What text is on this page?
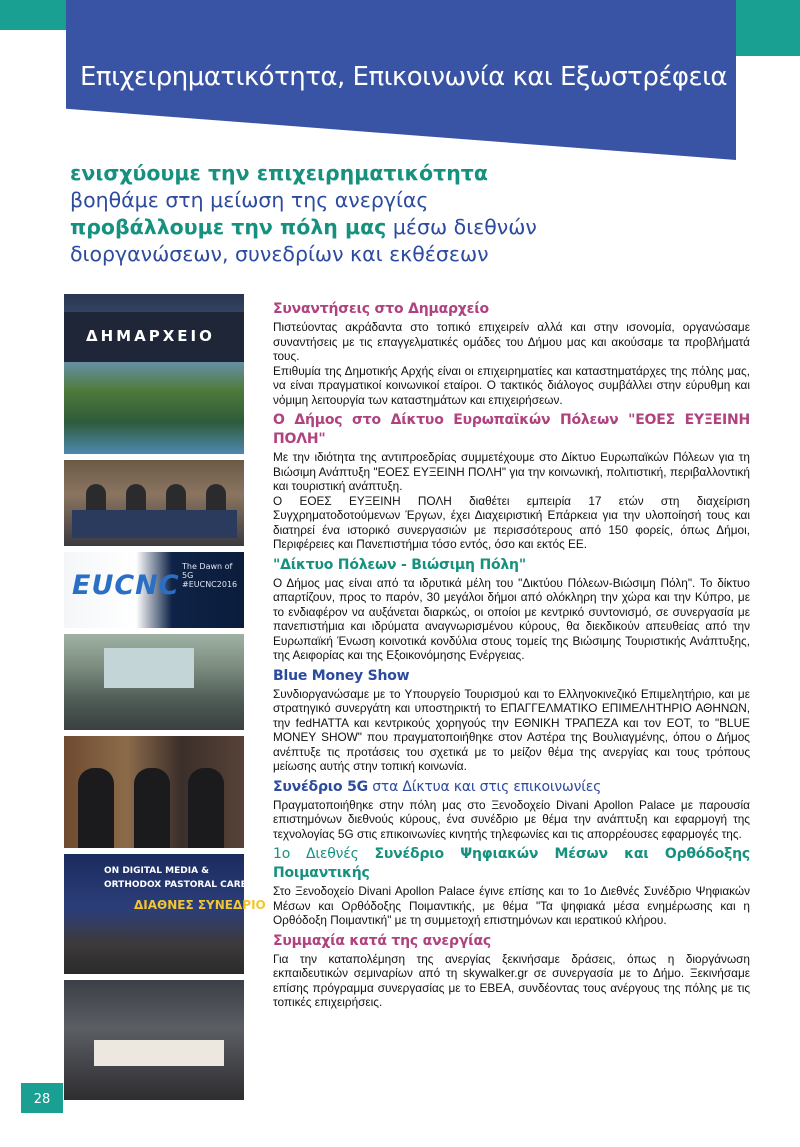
Επιχειρηματικότητα, Επικοινωνία και Εξωστρέφεια
ενισχύουμε την επιχειρηματικότητα
βοηθάμε στη μείωση της ανεργίας
προβάλλουμε την πόλη μας μέσω διεθνών
διοργανώσεων, συνεδρίων και εκθέσεων
ΔΗΜΑΡΧΕΙΟ
EUCNC
The Dawn of 5G
#EUCNC2016
ON DIGITAL MEDIA &
ORTHODOX PASTORAL CARE
ΔΙΑΘΝΕΣ ΣΥΝΕΔΡΙΟ
Συναντήσεις στο Δημαρχείο

Πιστεύοντας ακράδαντα στο τοπικό επιχειρείν αλλά και στην ισονομία, οργανώσαμε συναντήσεις με τις επαγγελματικές ομάδες του Δήμου μας και ακούσαμε τα προβλήματά τους.

Επιθυμία της Δημοτικής Αρχής είναι οι επιχειρηματίες και καταστηματάρχες της πόλης μας, να είναι πραγματικοί κοινωνικοί εταίροι. Ο τακτικός διάλογος συμβάλλει στην εύρυθμη και νόμιμη λειτουργία των καταστημάτων και επιχειρήσεων.

Ο Δήμος στο Δίκτυο Ευρωπαϊκών Πόλεων "ΕΟΕΣ ΕΥΞΕΙΝΗ ΠΟΛΗ"

Με την ιδιότητα της αντιπροεδρίας συμμετέχουμε στο Δίκτυο Ευρωπαϊκών Πόλεων για τη Βιώσιμη Ανάπτυξη "ΕΟΕΣ ΕΥΞΕΙΝΗ ΠΟΛΗ" για την κοινωνική, πολιτιστική, περιβαλλοντική και τουριστική ανάπτυξη.

Ο ΕΟΕΣ ΕΥΞΕΙΝΗ ΠΟΛΗ διαθέτει εμπειρία 17 ετών στη διαχείριση Συγχρηματοδοτούμενων Έργων, έχει Διαχειριστική Επάρκεια για την υλοποίησή τους και διατηρεί ένα ιστορικό συνεργασιών με περισσότερους από 150 φορείς, όπως Δήμοι, Περιφέρειες και Πανεπιστήμια τόσο εντός, όσο και εκτός ΕΕ.

"Δίκτυο Πόλεων - Βιώσιμη Πόλη"

Ο Δήμος μας είναι από τα ιδρυτικά μέλη του "Δικτύου Πόλεων-Βιώσιμη Πόλη". Το δίκτυο απαρτίζουν, προς το παρόν, 30 μεγάλοι δήμοι από ολόκληρη την χώρα και την Κύπρο, με το ενδιαφέρον να αυξάνεται διαρκώς, οι οποίοι με κεντρικό συντονισμό, σε συνεργασία με πανεπιστήμια και ιδρύματα αναγνωρισμένου κύρους, θα διεκδικούν απευθείας από την Ευρωπαϊκή Ένωση κοινοτικά κονδύλια στους τομείς της Βιώσιμης Τουριστικής Ανάπτυξης, της Αειφορίας και της Εξοικονόμησης Ενέργειας.

Blue Money Show

Συνδιοργανώσαμε με το Υπουργείο Τουρισμού και το Ελληνοκινεζικό Επιμελητήριο, και με στρατηγικό συνεργάτη και υποστηρικτή το ΕΠΑΓΓΕΛΜΑΤΙΚΟ ΕΠΙΜΕΛΗΤΗΡΙΟ ΑΘΗΝΩΝ, την fedHATTA και κεντρικούς χορηγούς την ΕΘΝΙΚΗ ΤΡΑΠΕΖΑ και τον ΕΟΤ, το "BLUE MONEY SHOW" που πραγματοποιήθηκε στον Αστέρα της Βουλιαγμένης, όπου ο Δήμος ανέπτυξε τις προτάσεις του σχετικά με το μείζον θέμα της ανεργίας και τους τρόπους μείωσης αυτής στην τοπική κοινωνία.

Συνέδριο 5G στα Δίκτυα και στις επικοινωνίες

Πραγματοποιήθηκε στην πόλη μας στο Ξενοδοχείο Divani Apollon Palace με παρουσία επιστημόνων διεθνούς κύρους, ένα συνέδριο με θέμα την ανάπτυξη και εφαρμογή της τεχνολογίας 5G στις επικοινωνίες κινητής τηλεφωνίες και τις απορρέουσες εφαρμογές της.

1ο Διεθνές Συνέδριο Ψηφιακών Μέσων και Ορθόδοξης Ποιμαντικής

Στο Ξενοδοχείο Divani Apollon Palace έγινε επίσης και το 1ο Διεθνές Συνέδριο Ψηφιακών Μέσων και Ορθόδοξης Ποιμαντικής, με θέμα "Τα ψηφιακά μέσα ενημέρωσης και η Ορθόδοξη Ποιμαντική" με τη συμμετοχή επιστημόνων και ιερατικού κλήρου.

Συμμαχία κατά της ανεργίας

Για την καταπολέμηση της ανεργίας ξεκινήσαμε δράσεις, όπως η διοργάνωση εκπαιδευτικών σεμιναρίων από τη skywalker.gr σε συνεργασία με το Δήμο. Ξεκινήσαμε επίσης πρόγραμμα συνεργασίας με το ΕΒΕΑ, συνδέοντας τους ανέργους της πόλης με τις τοπικές επιχειρήσεις.

28
